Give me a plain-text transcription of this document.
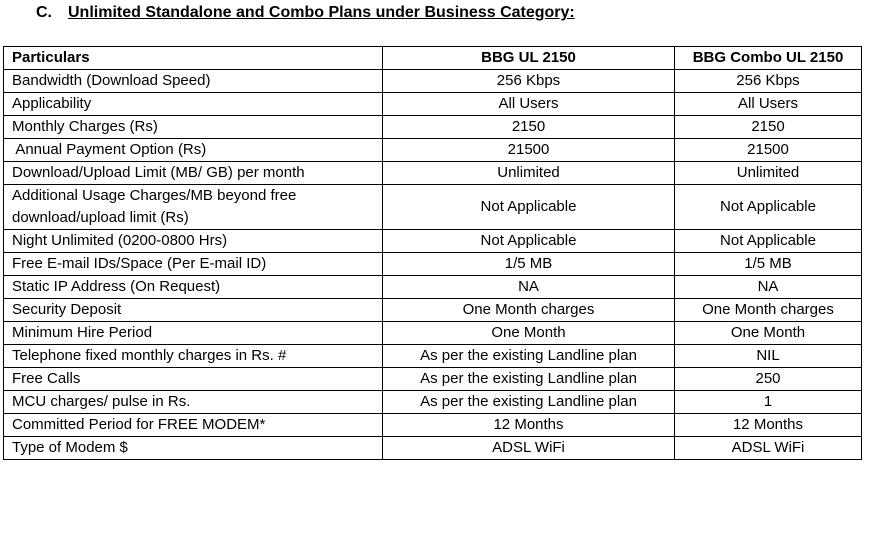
C. Unlimited Standalone and Combo Plans under Business Category:
Particulars	BBG UL 2150	BBG Combo UL 2150
Bandwidth (Download Speed)	256 Kbps	256 Kbps
Applicability	All Users	All Users
Monthly Charges (Rs)	2150	2150
Annual Payment Option (Rs)	21500	21500
Download/Upload Limit (MB/ GB) per month	Unlimited	Unlimited
Additional Usage Charges/MB beyond free download/upload limit (Rs)	Not Applicable	Not Applicable
Night Unlimited (0200-0800 Hrs)	Not Applicable	Not Applicable
Free E-mail IDs/Space (Per E-mail ID)	1/5 MB	1/5 MB
Static IP Address (On Request)	NA	NA
Security Deposit	One Month charges	One Month charges
Minimum Hire Period	One Month	One Month
Telephone fixed monthly charges in Rs. #	As per the existing Landline plan	NIL
Free Calls	As per the existing Landline plan	250
MCU charges/ pulse in Rs.	As per the existing Landline plan	1
Committed Period for FREE MODEM*	12 Months	12 Months
Type of Modem $	ADSL WiFi	ADSL WiFi
